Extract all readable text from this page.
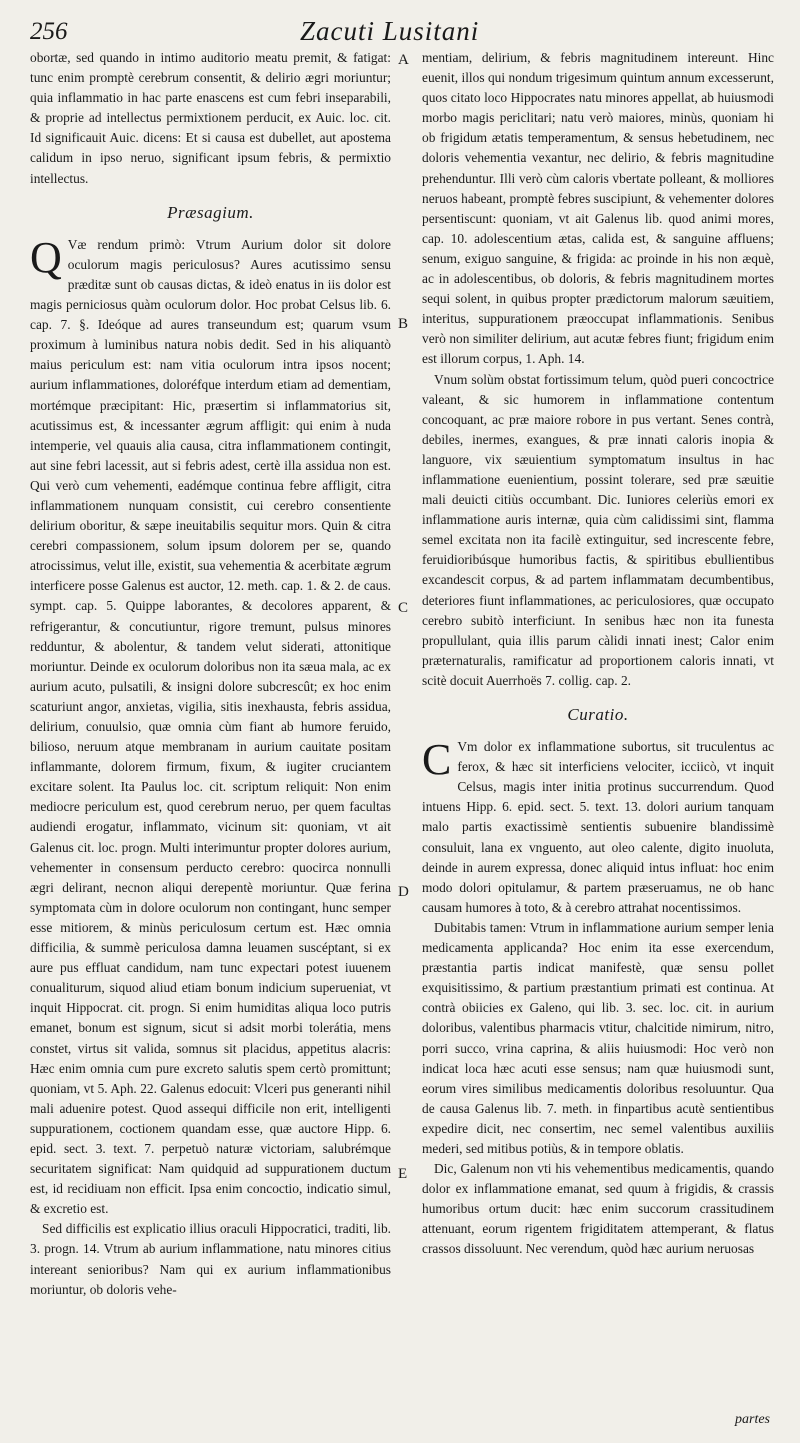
256	Zacuti Lusitani

obortæ, sed quando in intimo auditorio meatu premit, & fatigat: tunc enim promptè cerebrum consentit, & delirio ægri moriuntur; quia inflammatio in hac parte enascens est cum febri inseparabili, & proprie ad intellectus permixtionem perducit, ex Auic. loc. cit. Id significauit Auic. dicens: Et si causa est dubellet, aut apostema calidum in ipso neruo, significant ipsum febris, & permixtio intellectus.

Præsagium.

Q Væ rendum primò: Vtrum Aurium dolor sit dolore oculorum magis periculosus? Aures acutissimo sensu præditæ sunt ob causas dictas, & ideò enatus in iis dolor est magis perniciosus quàm oculorum dolor. Hoc probat Celsus lib. 6. cap. 7. §. Ideóque ad aures transeundum est; quarum vsum proximum à luminibus natura nobis dedit. Sed in his aliquantò maius periculum est: nam vitia oculorum intra ipsos nocent; aurium inflammationes, doloréfque interdum etiam ad dementiam, mortémque præcipitant: Hic, præsertim si inflammatorius sit, acutissimus est, & incessanter ægrum affligit: qui enim à nuda intemperie, vel quauis alia causa, citra inflammationem contingit, aut sine febri lacessit, aut si febris adest, certè illa assidua non est. Qui verò cum vehementi, eadémque continua febre affligit, citra inflammationem nunquam consistit, cui cerebro consentiente delirium oboritur, & sæpe ineuitabilis sequitur mors. Quin & citra cerebri compassionem, solum ipsum dolorem per se, quando atrocissimus, velut ille, existit, sua vehementia & acerbitate ægrum interficere posse Galenus est auctor, 12. meth. cap. 1. & 2. de caus. sympt. cap. 5. Quippe laborantes, & decolores apparent, & refrigerantur, & concutiuntur, rigore tremunt, pulsus minores redduntur, & abolentur, & tandem velut siderati, attonitique moriuntur. Deinde ex oculorum doloribus non ita sæua mala, ac ex aurium acuto, pulsatili, & insigni dolore subcrescût; ex hoc enim scaturiunt angor, anxietas, vigilia, sitis inexhausta, febris assidua, delirium, conuulsio, quæ omnia cùm fiant ab humore feruido, bilioso, neruum atque membranam in aurium cauitate positam inflammante, dolorem firmum, fixum, & iugiter cruciantem excitare solent. Ita Paulus loc. cit. scriptum reliquit: Non enim mediocre periculum est, quod cerebrum neruo, per quem facultas audiendi erogatur, inflammato, vicinum sit: quoniam, vt ait Galenus cit. loc. progn. Multi interimuntur propter dolores aurium, vehementer in consensum perducto cerebro: quocirca nonnulli ægri delirant, necnon aliqui derepentè moriuntur. Quæ ferina symptomata cùm in dolore oculorum non contingant, hunc semper esse mitiorem, & minùs periculosum certum est. Hæc omnia difficilia, & summè periculosa damna leuamen suscéptant, si ex aure pus effluat candidum, nam tunc expectari potest iuuenem conualiturum, siquod aliud etiam bonum indicium superueniat, vt inquit Hippocrat. cit. progn. Si enim humiditas aliqua loco putris emanet, bonum est signum, sicut si adsit morbi tolerátia, mens constet, virtus sit valida, somnus sit placidus, appetitus alacris: Hæc enim omnia cum pure excreto salutis spem certò promittunt; quoniam, vt 5. Aph. 22. Galenus edocuit: Vlceri pus generanti nihil mali aduenire potest. Quod assequi difficile non erit, intelligenti suppurationem, coctionem quandam esse, quæ auctore Hipp. 6. epid. sect. 3. text. 7. perpetuò naturæ victoriam, salubrémque securitatem significat: Nam quidquid ad suppurationem ductum est, id recidiuam non efficit. Ipsa enim concoctio, indicatio simul, & excretio est.

Sed difficilis est explicatio illius oraculi Hippocratici, traditi, lib. 3. progn. 14. Vtrum ab aurium inflammatione, natu minores citius intereant senioribus? Nam qui ex aurium inflammationibus moriuntur, ob doloris vehe-

A
B
C
D
E

mentiam, delirium, & febris magnitudinem intereunt. Hinc euenit, illos qui nondum trigesimum quintum annum excesserunt, quos citato loco Hippocrates natu minores appellat, ab huiusmodi morbo magis periclitari; natu verò maiores, minùs, quoniam hi ob frigidum ætatis temperamentum, & sensus hebetudinem, nec doloris vehementia vexantur, nec delirio, & febris magnitudine prehenduntur. Illi verò cùm caloris vbertate polleant, & molliores neruos habeant, promptè febres suscipiunt, & vehementer dolores persentiscunt: quoniam, vt ait Galenus lib. quod animi mores, cap. 10. adolescentium ætas, calida est, & sanguine affluens; senum, exiguo sanguine, & frigida: ac proinde in his non æquè, ac in adolescentibus, ob doloris, & febris magnitudinem mortes sequi solent, in quibus propter prædictorum malorum sæuitiem, interitus, suppurationem præoccupat inflammationis. Senibus verò non similiter delirium, aut acutæ febres fiunt; frigidum enim est illorum corpus, 1. Aph. 14.

Vnum solùm obstat fortissimum telum, quòd pueri concoctrice valeant, & sic humorem in inflammatione contentum concoquant, ac præ maiore robore in pus vertant. Senes contrà, debiles, inermes, exangues, & præ innati caloris inopia & languore, vix sæuientium symptomatum insultus in hac inflammatione euenientium, possint tolerare, sed præ sæuitie mali deuicti citiùs occumbant. Dic. Iuniores celeriùs emori ex inflammatione auris internæ, quia cùm calidissimi sint, flamma semel excitata non ita facilè extinguitur, sed increscente febre, feruidioribúsque humoribus factis, & spiritibus ebullientibus excandescit corpus, & ad partem inflammatam decumbentibus, deteriores fiunt inflammationes, ac periculosiores, quæ occupato cerebro subitò interficiunt. In senibus hæc non ita funesta propullulant, quia illis parum càlidi innati inest; Calor enim præternaturalis, ramificatur ad proportionem caloris innati, vt scitè docuit Auerrhoës 7. collig. cap. 2.

Curatio.

C Vm dolor ex inflammatione subortus, sit truculentus ac ferox, & hæc sit interficiens velociter, icciicò, vt inquit Celsus, magis inter initia protinus succurrendum. Quod intuens Hipp. 6. epid. sect. 5. text. 13. dolori aurium tanquam malo partis exactissimè sentientis subuenire blandissimè consuluit, lana ex vnguento, aut oleo calente, digito inuoluta, deinde in aurem expressa, donec aliquid intus influat: hoc enim modo dolori opitulamur, & partem præseruamus, ne ob hanc causam humores à toto, & à cerebro attrahat nocentissimos.

Dubitabis tamen: Vtrum in inflammatione aurium semper lenia medicamenta applicanda? Hoc enim ita esse exercendum, præstantia partis indicat manifestè, quæ sensu pollet exquisitissimo, & partium præstantium primati est continua. At contrà obiicies ex Galeno, qui lib. 3. sec. loc. cit. in aurium doloribus, valentibus pharmacis vtitur, chalcitide nimirum, nitro, porri succo, vrina caprina, & aliis huiusmodi: Hoc verò non indicat loca hæc acuti esse sensus; nam quæ huiusmodi sunt, eorum vires similibus medicamentis doloribus resoluuntur. Qua de causa Galenus lib. 7. meth. in finpartibus acutè sentientibus expedire dicit, nec consertim, nec semel valentibus auxiliis mederi, sed mitibus potiùs, & in tempore oblatis.

Dic, Galenum non vti his vehementibus medicamentis, quando dolor ex inflammatione emanat, sed quum à frigidis, & crassis humoribus ortum ducit: hæc enim succorum crassitudinem attenuant, eorum rigentem frigiditatem attemperant, & flatus crassos dissoluunt. Nec verendum, quòd hæc aurium neruosas

partes
